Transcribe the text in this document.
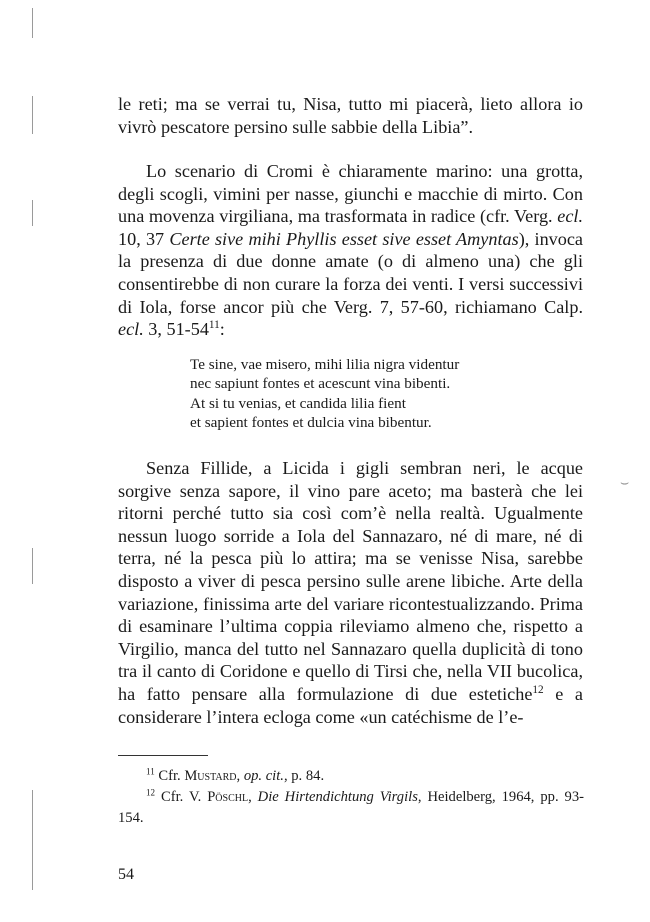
⌣

le reti; ma se verrai tu, Nisa, tutto mi piacerà, lieto allora io vivrò pescatore persino sulle sabbie della Libia”.

Lo scenario di Cromi è chiaramente marino: una grotta, degli scogli, vimini per nasse, giunchi e macchie di mirto. Con una movenza virgiliana, ma trasformata in radice (cfr. Verg. ecl. 10, 37 Certe sive mihi Phyllis esset sive esset Amyntas), invoca la presenza di due donne amate (o di almeno una) che gli consentirebbe di non curare la forza dei venti. I versi successivi di Iola, forse ancor più che Verg. 7, 57-60, richiamano Calp. ecl. 3, $51-54^{11}$:

Te sine, vae misero, mihi lilia nigra videntur
nec sapiunt fontes et acescunt vina bibenti.
At si tu venias, et candida lilia fient
et sapient fontes et dulcia vina bibentur.

Senza Fillide, a Licida i gigli sembran neri, le acque sorgive senza sapore, il vino pare aceto; ma basterà che lei ritorni perché tutto sia così com’è nella realtà. Ugualmente nessun luogo sorride a Iola del Sannazaro, né di mare, né di terra, né la pesca più lo attira; ma se venisse Nisa, sarebbe disposto a viver di pesca persino sulle arene libiche. Arte della variazione, finissima arte del variare ricontestualizzando. Prima di esaminare l’ultima coppia rileviamo almeno che, rispetto a Virgilio, manca del tutto nel Sannazaro quella duplicità di tono tra il canto di Coridone e quello di Tirsi che, nella VII bucolica, ha fatto pensare alla formulazione di due estetiche$^{12}$ e a considerare l’intera ecloga come «un catéchisme de l’e-

$^{11}$ Cfr. Mustard, op. cit., p. 84.

$^{12}$ Cfr. V. Pöschl, Die Hirtendichtung Virgils, Heidelberg, 1964, pp. 93-154.

54
